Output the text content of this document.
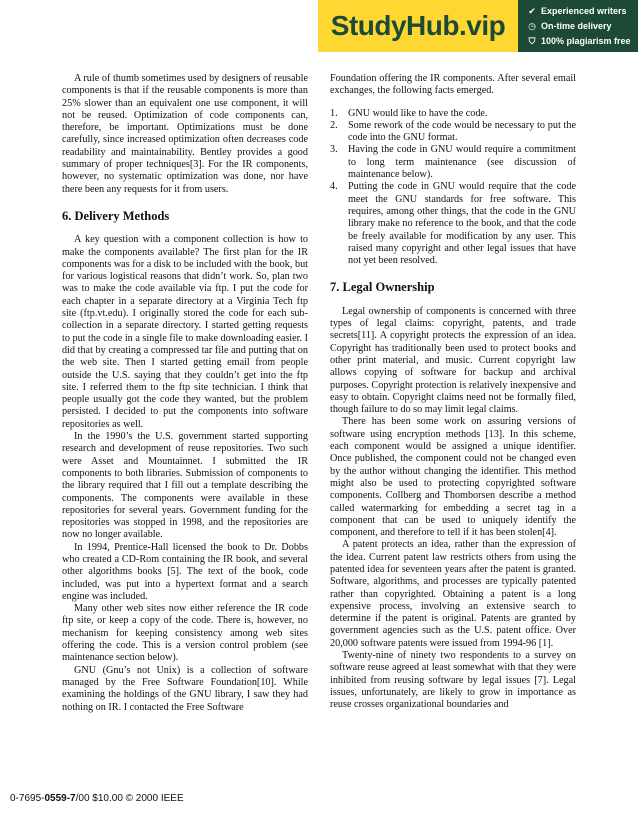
StudyHub.vip	✔ Experienced writers
◷ On-time delivery
⛉ 100% plagiarism free

A rule of thumb sometimes used by designers of reusable components is that if the reusable components is more than 25% slower than an equivalent one use component, it will not be reused. Optimization of code components can, therefore, be important. Optimizations must be done carefully, since increased optimization often decreases code readability and maintainability. Bentley provides a good summary of proper techniques[3]. For the IR components, however, no systematic optimization was done, nor have there been any requests for it from users.

6. Delivery Methods

A key question with a component collection is how to make the components available? The first plan for the IR components was for a disk to be included with the book, but for various logistical reasons that didn’t work. So, plan two was to make the code available via ftp. I put the code for each chapter in a separate directory at a Virginia Tech ftp site (ftp.vt.edu). I originally stored the code for each sub-collection in a separate directory. I started getting requests to put the code in a single file to make downloading easier. I did that by creating a compressed tar file and putting that on the web site. Then I started getting email from people outside the U.S. saying that they couldn’t get into the ftp site. I referred them to the ftp site technician. I think that people usually got the code they wanted, but the problem persisted. I decided to put the components into software repositories as well.

In the 1990’s the U.S. government started supporting research and development of reuse repositories. Two such were Asset and Mountainnet. I submitted the IR components to both libraries. Submission of components to the library required that I fill out a template describing the components. The components were available in these repositories for several years. Government funding for the repositories was stopped in 1998, and the repositories are now no longer available.

In 1994, Prentice-Hall licensed the book to Dr. Dobbs who created a CD-Rom containing the IR book, and several other algorithms books [5]. The text of the book, code included, was put into a hypertext format and a search engine was included.

Many other web sites now either reference the IR code ftp site, or keep a copy of the code. There is, however, no mechanism for keeping consistency among web sites offering the code. This is a version control problem (see maintenance section below).

GNU (Gnu’s not Unix) is a collection of software managed by the Free Software Foundation[10]. While examining the holdings of the GNU library, I saw they had nothing on IR. I contacted the Free Software

Foundation offering the IR components. After several email exchanges, the following facts emerged.

1.	GNU would like to have the code.
2.	Some rework of the code would be necessary to put the code into the GNU format.
3.	Having the code in GNU would require a commitment to long term maintenance (see discussion of maintenance below).
4.	Putting the code in GNU would require that the code meet the GNU standards for free software. This requires, among other things, that the code in the GNU library make no reference to the book, and that the code be freely available for modification by any user. This raised many copyright and other legal issues that have not yet been resolved.
7. Legal Ownership

Legal ownership of components is concerned with three types of legal claims: copyright, patents, and trade secrets[11]. A copyright protects the expression of an idea. Copyright has traditionally been used to protect books and other print material, and music. Current copyright law allows copying of software for backup and archival purposes. Copyright protection is relatively inexpensive and easy to obtain. Copyright claims need not be formally filed, though failure to do so may limit legal claims.

There has been some work on assuring versions of software using encryption methods [13]. In this scheme, each component would be assigned a unique identifier. Once published, the component could not be changed even by the author without changing the identifier. This method might also be used to protecting copyrighted software components. Collberg and Thomborsen describe a method called watermarking for embedding a secret tag in a component that can be used to uniquely identify the component, and therefore to tell if it has been stolen[4].

A patent protects an idea, rather than the expression of the idea. Current patent law restricts others from using the patented idea for seventeen years after the patent is granted. Software, algorithms, and processes are typically patented rather than copyrighted. Obtaining a patent is a long expensive process, involving an extensive search to determine if the patent is original. Patents are granted by government agencies such as the U.S. patent office. Over 20,000 software patents were issued from 1994-96 [1].

Twenty-nine of ninety two respondents to a survey on software reuse agreed at least somewhat with that they were inhibited from reusing software by legal issues [7]. Legal issues, unfortunately, are likely to grow in importance as reuse crosses organizational boundaries and

0-7695-0559-7/00 $10.00 © 2000 IEEE
